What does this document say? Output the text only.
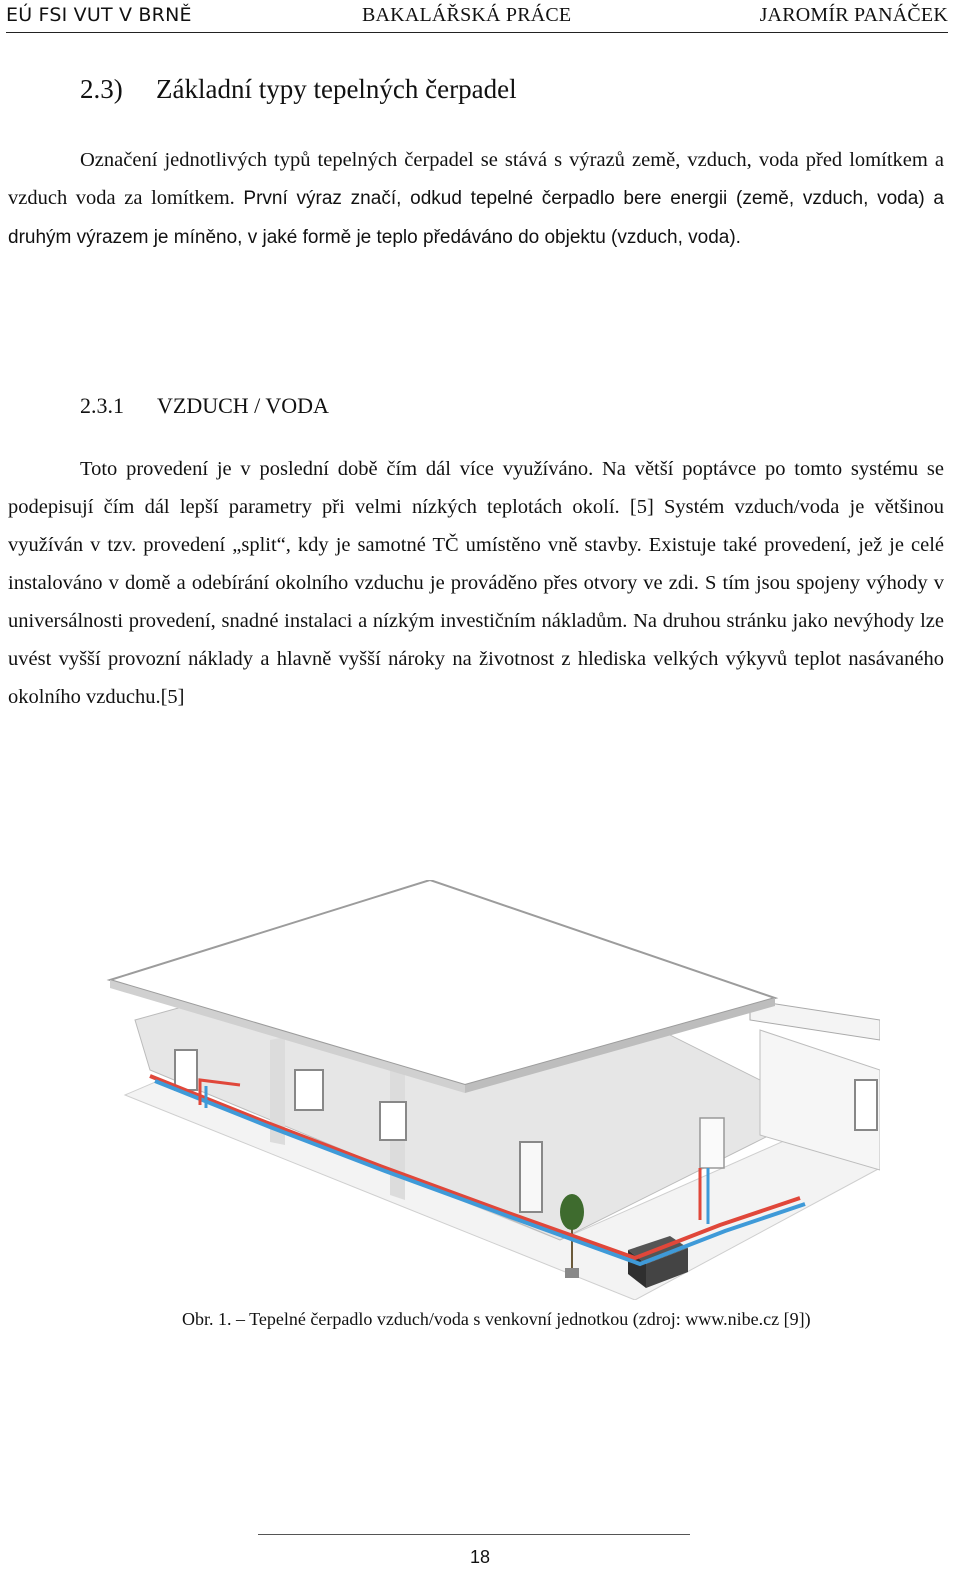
EÚ FSI VUT V BRNĚ	BAKALÁŘSKÁ PRÁCE	JAROMÍR PANÁČEK
2.3) Základní typy tepelných čerpadel

Označení jednotlivých typů tepelných čerpadel se stává s výrazů země, vzduch, voda před lomítkem a vzduch voda za lomítkem. První výraz značí, odkud tepelné čerpadlo bere energii (země, vzduch, voda) a druhým výrazem je míněno, v jaké formě je teplo předáváno do objektu (vzduch, voda).

2.3.1 VZDUCH / VODA

Toto provedení je v poslední době čím dál více využíváno. Na větší poptávce po tomto systému se podepisují čím dál lepší parametry při velmi nízkých teplotách okolí. [5] Systém vzduch/voda je většinou využíván v tzv. provedení „split“, kdy je samotné TČ umístěno vně stavby. Existuje také provedení, jež je celé instalováno v domě a odebírání okolního vzduchu je prováděno přes otvory ve zdi. S tím jsou spojeny výhody v universálnosti provedení, snadné instalaci a nízkým investičním nákladům. Na druhou stránku jako nevýhody lze uvést vyšší provozní náklady a hlavně vyšší nároky na životnost z hlediska velkých výkyvů teplot nasávaného okolního vzduchu.[5]

Obr. 1. – Tepelné čerpadlo vzduch/voda s venkovní jednotkou (zdroj: www.nibe.cz [9])
18
